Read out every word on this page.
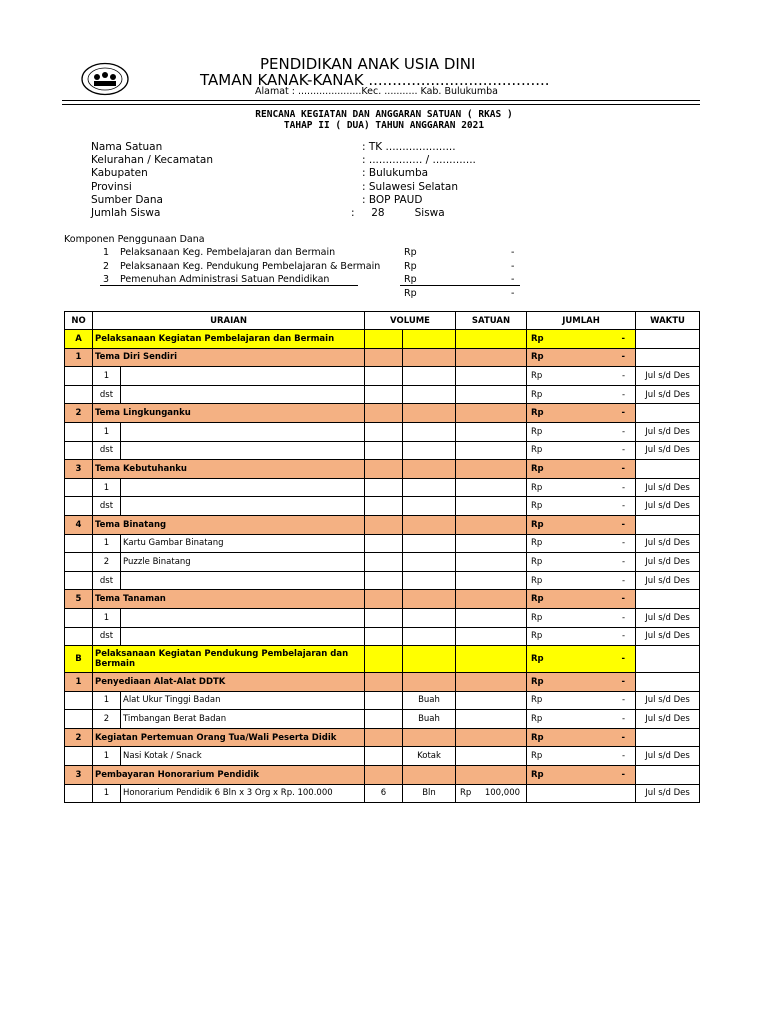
PENDIDIKAN ANAK USIA DINI
TAMAN KANAK-KANAK ......................................
Alamat : .....................Kec. ........... Kab. Bulukumba
RENCANA KEGIATAN DAN ANGGARAN SATUAN ( RKAS )
TAHAP II ( DUA) TAHUN ANGGARAN 2021
Nama Satuan	: TK .....................
Kelurahan / Kecamatan	: ................ / .............
Kabupaten	: Bulukumba
Provinsi	: Sulawesi Selatan
Sumber Dana	: BOP PAUD
Jumlah Siswa	:     28         Siswa
Komponen Penggunaan Dana
1 Pelaksanaan Keg. Pembelajaran dan Bermain	Rp	-
2 Pelaksanaan Keg. Pendukung Pembelajaran & Bermain Rp	-
3 Pemenuhan Administrasi Satuan Pendidikan	Rp	-
Rp	-
NO	URAIAN		VOLUME		SATUAN	JUMLAH	WAKTU
A	Pelaksanaan Kegiatan Pembelajaran dan Bermain					Rp -	

1	Tema Diri Sendiri					Rp -	

	1					Rp -	Jul s/d Des
	dst					Rp -	Jul s/d Des
2	Tema Lingkunganku					Rp -	

	1					Rp -	Jul s/d Des
	dst					Rp -	Jul s/d Des
3	Tema Kebutuhanku					Rp -	

	1					Rp -	Jul s/d Des
	dst					Rp -	Jul s/d Des
4	Tema Binatang					Rp -	

	1	Kartu Gambar Binatang				Rp -	Jul s/d Des
	2	Puzzle Binatang				Rp -	Jul s/d Des
	dst					Rp -	Jul s/d Des
5	Tema Tanaman					Rp -	

	1					Rp -	Jul s/d Des
	dst					Rp -	Jul s/d Des
B	Pelaksanaan Kegiatan Pendukung Pembelajaran dan Bermain					Rp -	

1	Penyediaan Alat-Alat DDTK					Rp -	

	1	Alat Ukur Tinggi Badan		Buah		Rp -	Jul s/d Des
	2	Timbangan Berat Badan		Buah		Rp -	Jul s/d Des
2	Kegiatan Pertemuan Orang Tua/Wali Peserta Didik					Rp -	

	1	Nasi Kotak / Snack		Kotak		Rp -	Jul s/d Des
3	Pembayaran Honorarium Pendidik					Rp -	

	1	Honorarium Pendidik 6 Bln x 3 Org x Rp. 100.000	6	Bln	Rp 100,000		Jul s/d Des
